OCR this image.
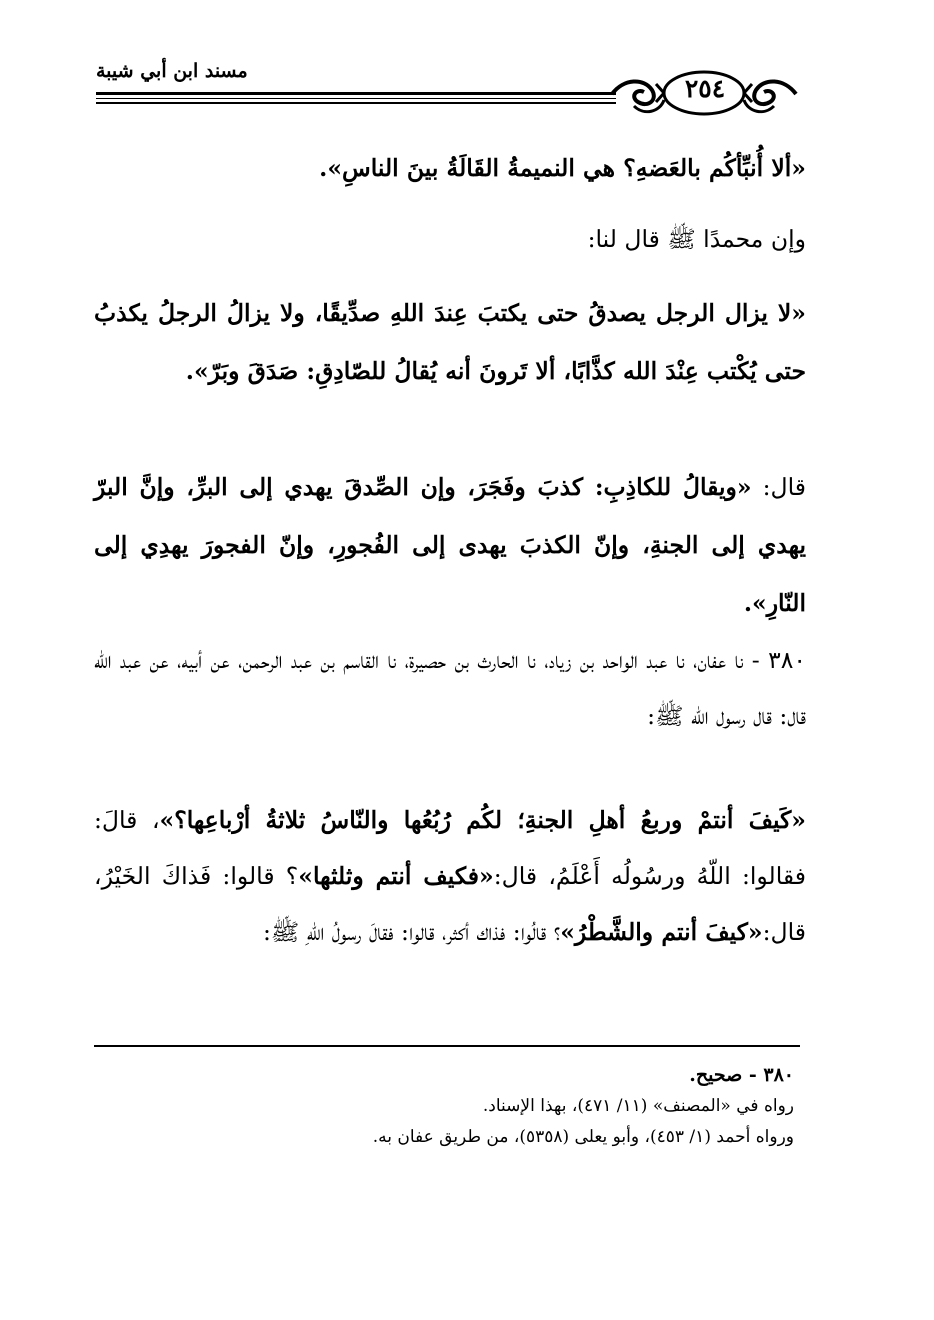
مسند ابن أبي شيبة
٢٥٤

«ألا أُنبِّأكُم بالعَضهِ؟ هي النميمةُ القَالَةُ بينَ الناسِ».

وإن محمدًا ﷺ قال لنا:

«لا يزال الرجل يصدقُ حتى يكتبَ عِندَ اللهِ صدِّيقًا، ولا يزالُ الرجلُ يكذبُ حتى يُكْتب عِنْدَ الله كذَّابًا، ألا تَرونَ أنه يُقالُ للصّادِقِ: صَدَقَ وبَرّ».

قال: «ويقالُ للكاذِبِ: كذبَ وفَجَرَ، وإن الصِّدقَ يهدي إلى البرِّ، وإنَّ البرّ يهدي إلى الجنةِ، وإنّ الكذبَ يهدى إلى الفُجورِ، وإنّ الفجورَ يهدِي إلى النّارِ».

٣٨٠ - نا عفان، نا عبد الواحد بن زياد، نا الحارث بن حصيرة، نا القاسم بن عبد الرحمن، عن أبيه، عن عبد الله قال: قال رسول الله ﷺ:

«كَيفَ أنتمْ وربعُ أهلِ الجنةِ؛ لكُم رُبُعُها والنّاسُ ثلاثةُ أرْباعِها؟»، قالَ: فقالوا: اللّهُ ورسُولُه أَعْلَمُ، قال:«فكيف أنتم وثلثها»؟ قالوا: فَذاكَ الخَيْرُ، قال:«كيفَ أنتم والشَّطْرُ»؟ قالُوا: فذاك أكثر، قالوا: فقالَ رسولُ اللهِ ﷺ:

٣٨٠ - صحيح.
رواه في «المصنف» (١١/ ٤٧١)، بهذا الإسناد.
ورواه أحمد (١/ ٤٥٣)، وأبو يعلى (٥٣٥٨)، من طريق عفان به.
